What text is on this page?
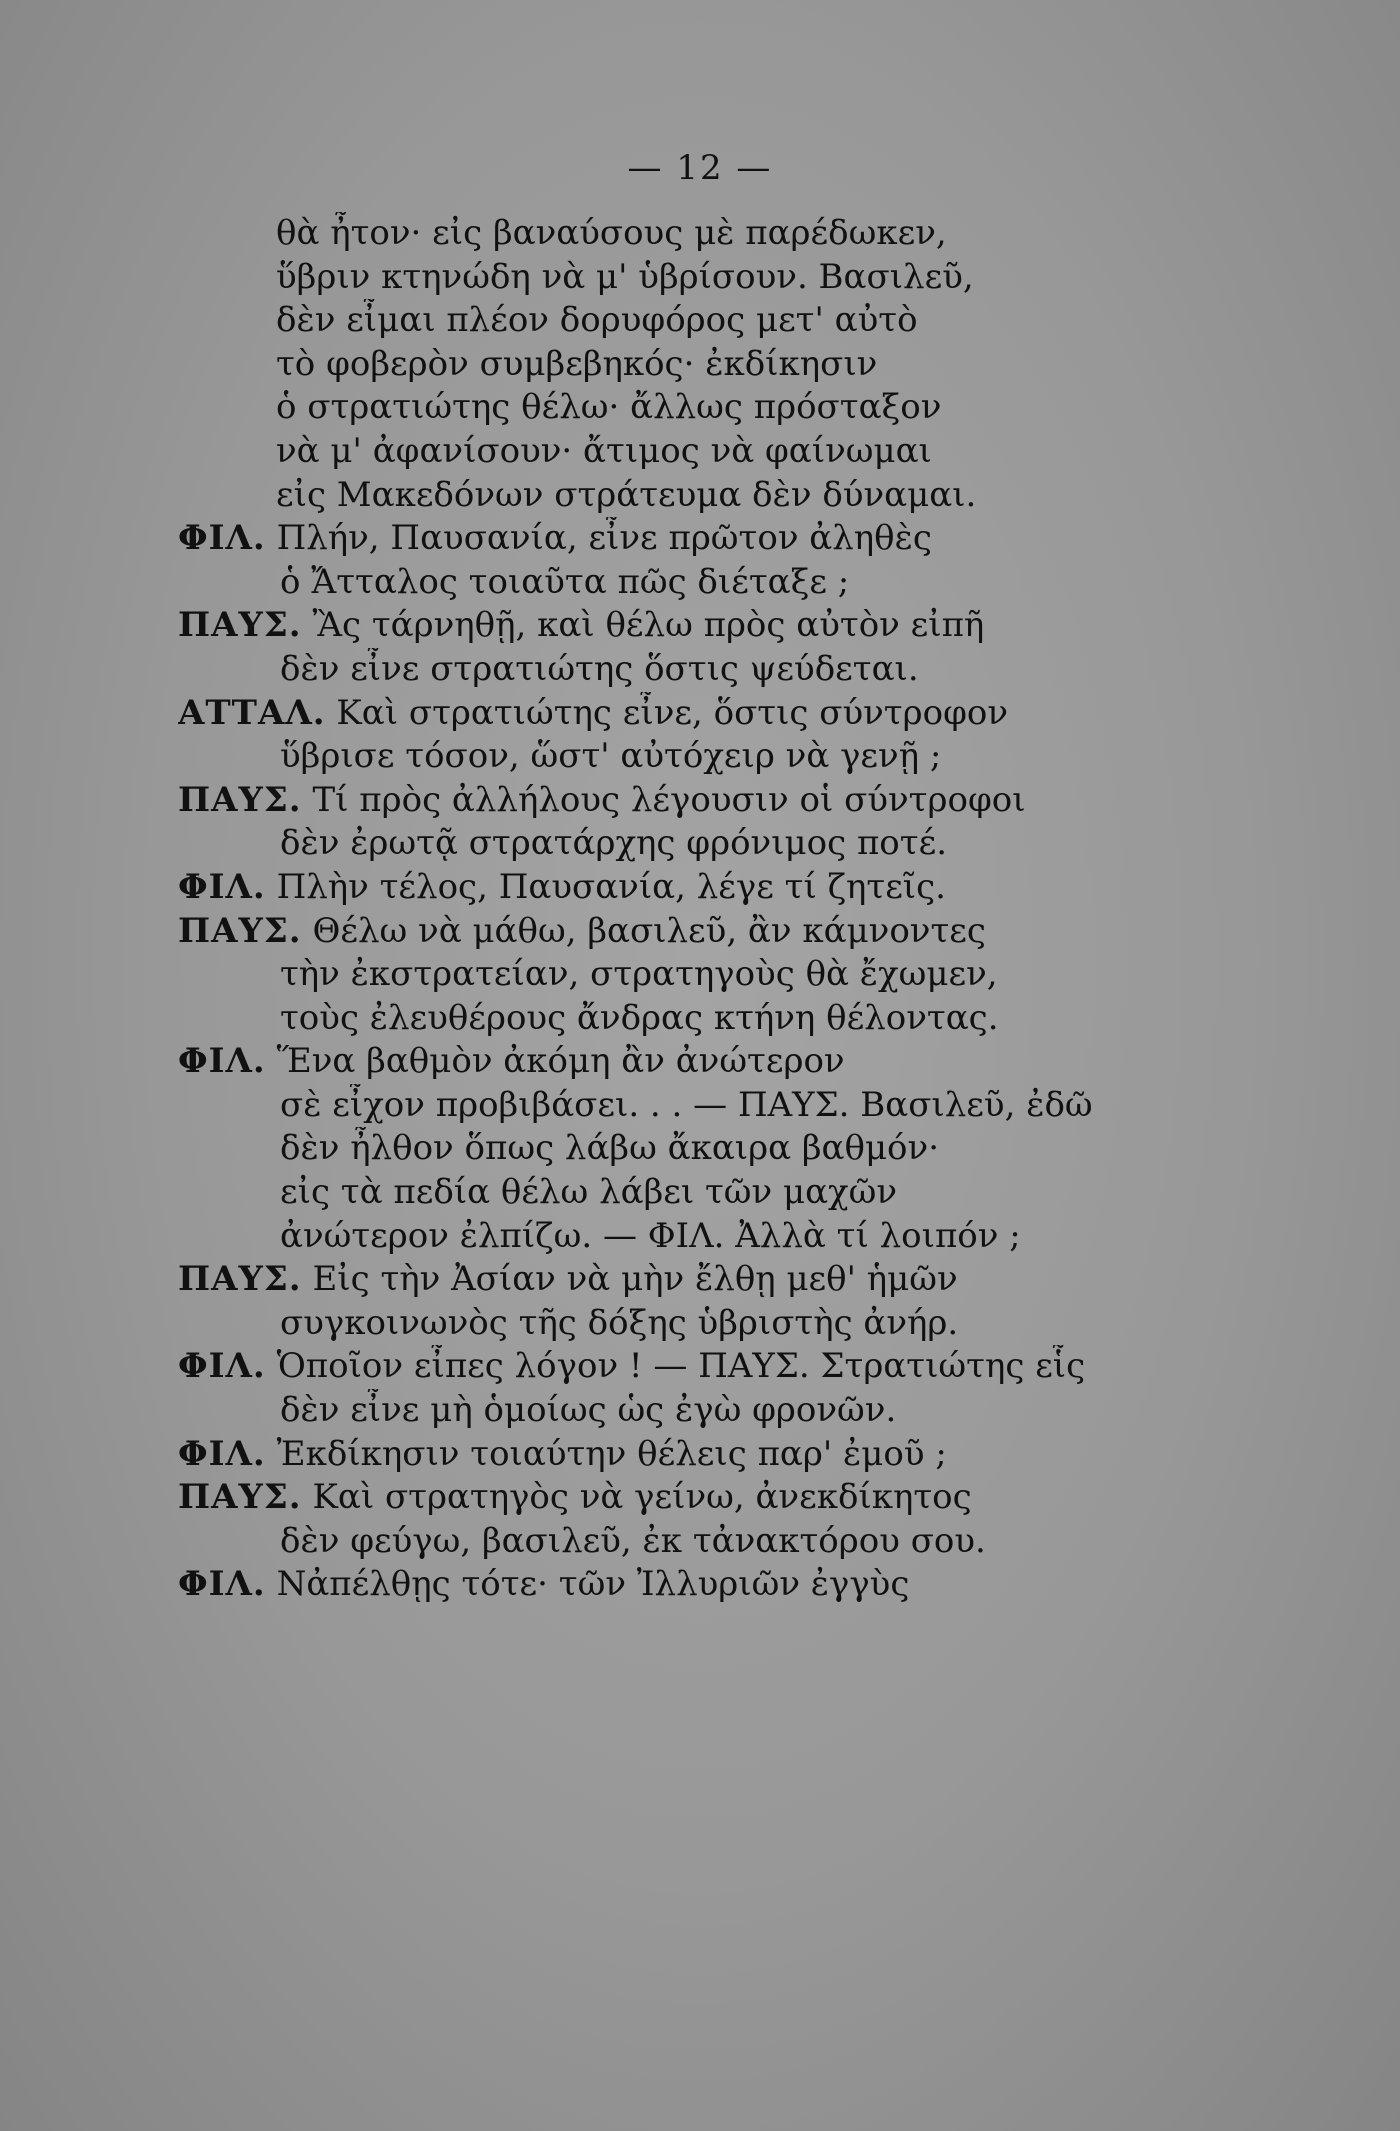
— 12 —
θὰ ἦτον· εἰς βαναύσους μὲ παρέδωκεν,
ὕβριν κτηνώδη νὰ μ' ὑβρίσουν. Βασιλεῦ,
δὲν εἶμαι πλέον δορυφόρος μετ' αὐτὸ
τὸ φοβερὸν συμβεβηκός· ἐκδίκησιν
ὁ στρατιώτης θέλω· ἄλλως πρόσταξον
νὰ μ' ἀφανίσουν· ἄτιμος νὰ φαίνωμαι
εἰς Μακεδόνων στράτευμα δὲν δύναμαι.
ΦΙΛ. Πλήν, Παυσανία, εἶνε πρῶτον ἀληθὲς
ὁ Ἄτταλος τοιαῦτα πῶς διέταξε ;
ΠΑΥΣ. Ἂς τάρνηθῇ, καὶ θέλω πρὸς αὐτὸν εἰπῆ
δὲν εἶνε στρατιώτης ὅστις ψεύδεται.
ΑΤΤΑΛ. Καὶ στρατιώτης εἶνε, ὅστις σύντροφον
ὕβρισε τόσον, ὥστ' αὐτόχειρ νὰ γενῇ ;
ΠΑΥΣ. Τί πρὸς ἀλλήλους λέγουσιν οἱ σύντροφοι
δὲν ἐρωτᾷ στρατάρχης φρόνιμος ποτέ.
ΦΙΛ. Πλὴν τέλος, Παυσανία, λέγε τί ζητεῖς.
ΠΑΥΣ. Θέλω νὰ μάθω, βασιλεῦ, ἂν κάμνοντες
τὴν ἐκστρατείαν, στρατηγοὺς θὰ ἔχωμεν,
τοὺς ἐλευθέρους ἄνδρας κτήνη θέλοντας.
ΦΙΛ. Ἕνα βαθμὸν ἀκόμη ἂν ἀνώτερον
σὲ εἶχον προβιβάσει. . . — ΠΑΥΣ. Βασιλεῦ, ἐδῶ
δὲν ἦλθον ὅπως λάβω ἄκαιρα βαθμόν·
εἰς τὰ πεδία θέλω λάβει τῶν μαχῶν
ἀνώτερον ἐλπίζω. — ΦΙΛ. Ἀλλὰ τί λοιπόν ;
ΠΑΥΣ. Εἰς τὴν Ἀσίαν νὰ μὴν ἔλθῃ μεθ' ἡμῶν
συγκοινωνὸς τῆς δόξης ὑβριστὴς ἀνήρ.
ΦΙΛ. Ὁποῖον εἶπες λόγον ! — ΠΑΥΣ. Στρατιώτης εἷς
δὲν εἶνε μὴ ὁμοίως ὡς ἐγὼ φρονῶν.
ΦΙΛ. Ἐκδίκησιν τοιαύτην θέλεις παρ' ἐμοῦ ;
ΠΑΥΣ. Καὶ στρατηγὸς νὰ γείνω, ἀνεκδίκητος
δὲν φεύγω, βασιλεῦ, ἐκ τἀνακτόρου σου.
ΦΙΛ. Νἀπέλθῃς τότε· τῶν Ἰλλυριῶν ἐγγὺς
